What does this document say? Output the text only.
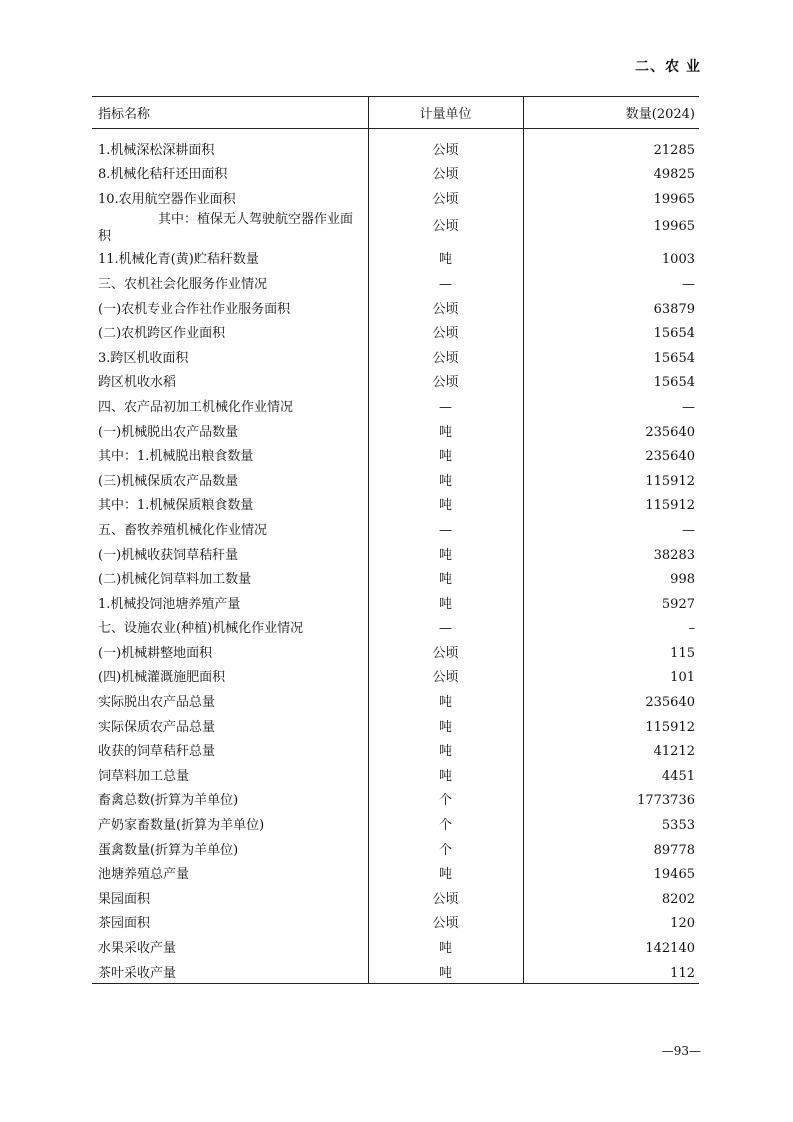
二、农 业
指标名称	计量单位	数量(2024)
1.机械深松深耕面积	公顷	21285
8.机械化秸秆还田面积	公顷	49825
10.农用航空器作业面积	公顷	19965

其中：植保无人驾驶航空器作业面积	公顷	19965
11.机械化青(黄)贮秸秆数量	吨	1003
三、农机社会化服务作业情况	—	—
(一)农机专业合作社作业服务面积	公顷	63879
(二)农机跨区作业面积	公顷	15654
3.跨区机收面积	公顷	15654
跨区机收水稻	公顷	15654
四、农产品初加工机械化作业情况	—	—
(一)机械脱出农产品数量	吨	235640
其中：1.机械脱出粮食数量	吨	235640
(三)机械保质农产品数量	吨	115912
其中：1.机械保质粮食数量	吨	115912
五、畜牧养殖机械化作业情况	—	—
(一)机械收获饲草秸秆量	吨	38283
(二)机械化饲草料加工数量	吨	998
1.机械投饲池塘养殖产量	吨	5927
七、设施农业(种植)机械化作业情况	—	–
(一)机械耕整地面积	公顷	115
(四)机械灌溉施肥面积	公顷	101
实际脱出农产品总量	吨	235640
实际保质农产品总量	吨	115912
收获的饲草秸秆总量	吨	41212
饲草料加工总量	吨	4451
畜禽总数(折算为羊单位)	个	1773736
产奶家畜数量(折算为羊单位)	个	5353
蛋禽数量(折算为羊单位)	个	89778
池塘养殖总产量	吨	19465
果园面积	公顷	8202
茶园面积	公顷	120
水果采收产量	吨	142140
茶叶采收产量	吨	112
—93—
